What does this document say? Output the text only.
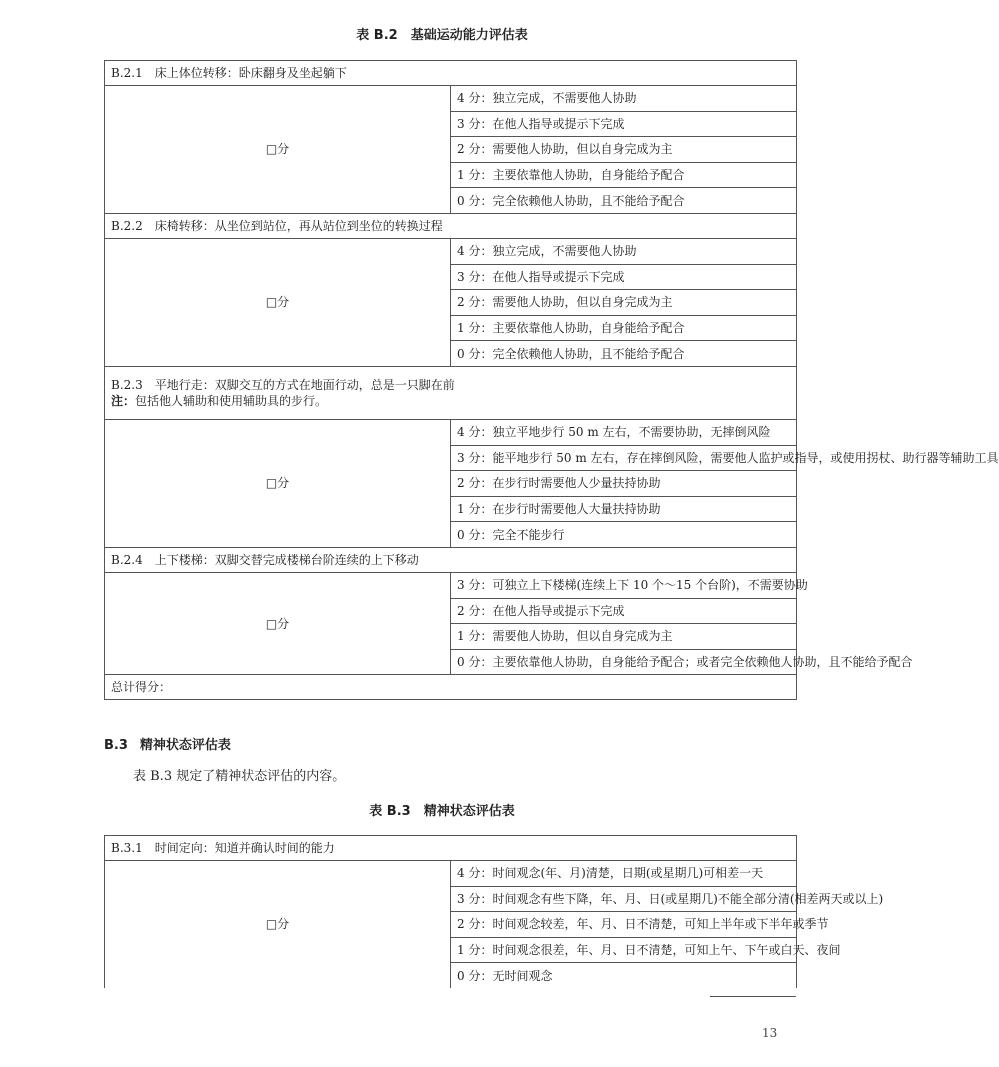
表 B.2　基础运动能力评估表
B.2.1　床上体位转移：卧床翻身及坐起躺下	
□分	4 分：独立完成，不需要他人协助
	3 分：在他人指导或提示下完成
	2 分：需要他人协助，但以自身完成为主
	1 分：主要依靠他人协助，自身能给予配合
	0 分：完全依赖他人协助，且不能给予配合
B.2.2　床椅转移：从坐位到站位，再从站位到坐位的转换过程	
□分	4 分：独立完成，不需要他人协助
	3 分：在他人指导或提示下完成
	2 分：需要他人协助，但以自身完成为主
	1 分：主要依靠他人协助，自身能给予配合
	0 分：完全依赖他人协助，且不能给予配合

B.2.3　平地行走：双脚交互的方式在地面行动，总是一只脚在前
注：包括他人辅助和使用辅助具的步行。	

□分	4 分：独立平地步行 50 m 左右，不需要协助，无摔倒风险
	3 分：能平地步行 50 m 左右，存在摔倒风险，需要他人监护或指导，或使用拐杖、助行器等辅助工具
	2 分：在步行时需要他人少量扶持协助
	1 分：在步行时需要他人大量扶持协助
	0 分：完全不能步行
B.2.4　上下楼梯：双脚交替完成楼梯台阶连续的上下移动	
□分	3 分：可独立上下楼梯(连续上下 10 个～15 个台阶)，不需要协助
	2 分：在他人指导或提示下完成
	1 分：需要他人协助，但以自身完成为主
	0 分：主要依靠他人协助，自身能给予配合；或者完全依赖他人协助，且不能给予配合
总计得分：	
B.3 精神状态评估表
表 B.3 规定了精神状态评估的内容。
表 B.3　精神状态评估表
B.3.1　时间定向：知道并确认时间的能力
□分	4 分：时间观念(年、月)清楚，日期(或星期几)可相差一天
3 分：时间观念有些下降，年、月、日(或星期几)不能全部分清(相差两天或以上)
2 分：时间观念较差，年、月、日不清楚，可知上半年或下半年或季节
1 分：时间观念很差，年、月、日不清楚，可知上午、下午或白天、夜间
0 分：无时间观念
13
